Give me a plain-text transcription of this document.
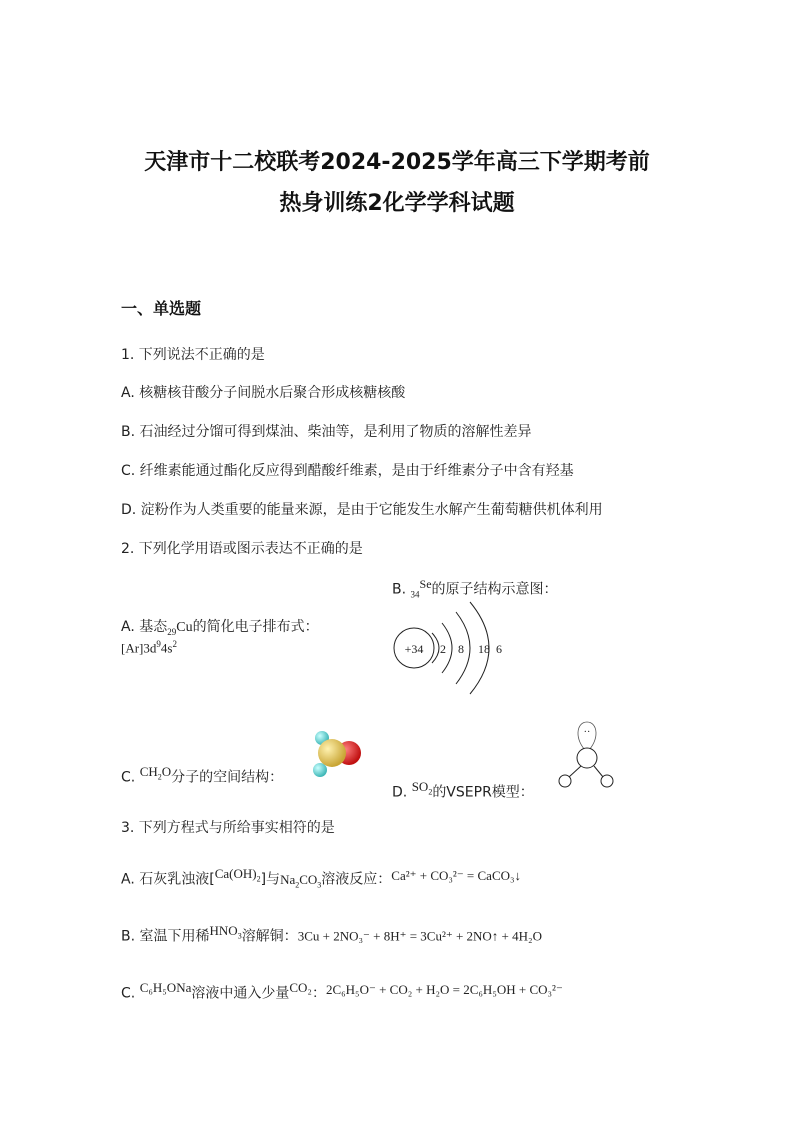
天津市十二校联考2024-2025学年高三下学期考前
热身训练2化学学科试题
一、单选题
1. 下列说法不正确的是
A. 核糖核苷酸分子间脱水后聚合形成核糖核酸
B. 石油经过分馏可得到煤油、柴油等，是利用了物质的溶解性差异
C. 纤维素能通过酯化反应得到醋酸纤维素，是由于纤维素分子中含有羟基
D. 淀粉作为人类重要的能量来源，是由于它能发生水解产生葡萄糖供机体利用
2. 下列化学用语或图示表达不正确的是
A. 基态$_{29}$Cu的简化电子排布式：
$[Ar]3d^94s^2$
B. $_{34}^{Se}$的原子结构示意图：
+34 2 8 18 6
C. $^{CH_2O}$分子的空间结构：
D. $^{SO_2}$的VSEPR模型：
··
3. 下列方程式与所给事实相符的是
A. 石灰乳浊液[$^{Ca(OH)_2}$]与$Na_2CO_3$溶液反应：Ca²⁺ + CO₃²⁻ = CaCO₃↓
B. 室温下用稀$^{HNO_3}$溶解铜：3Cu + 2NO₃⁻ + 8H⁺ = 3Cu²⁺ + 2NO↑ + 4H₂O
C. $^{C_6H_5ONa}$溶液中通入少量$^{CO_2}$：2C₆H₅O⁻ + CO₂ + H₂O = 2C₆H₅OH + CO₃²⁻
